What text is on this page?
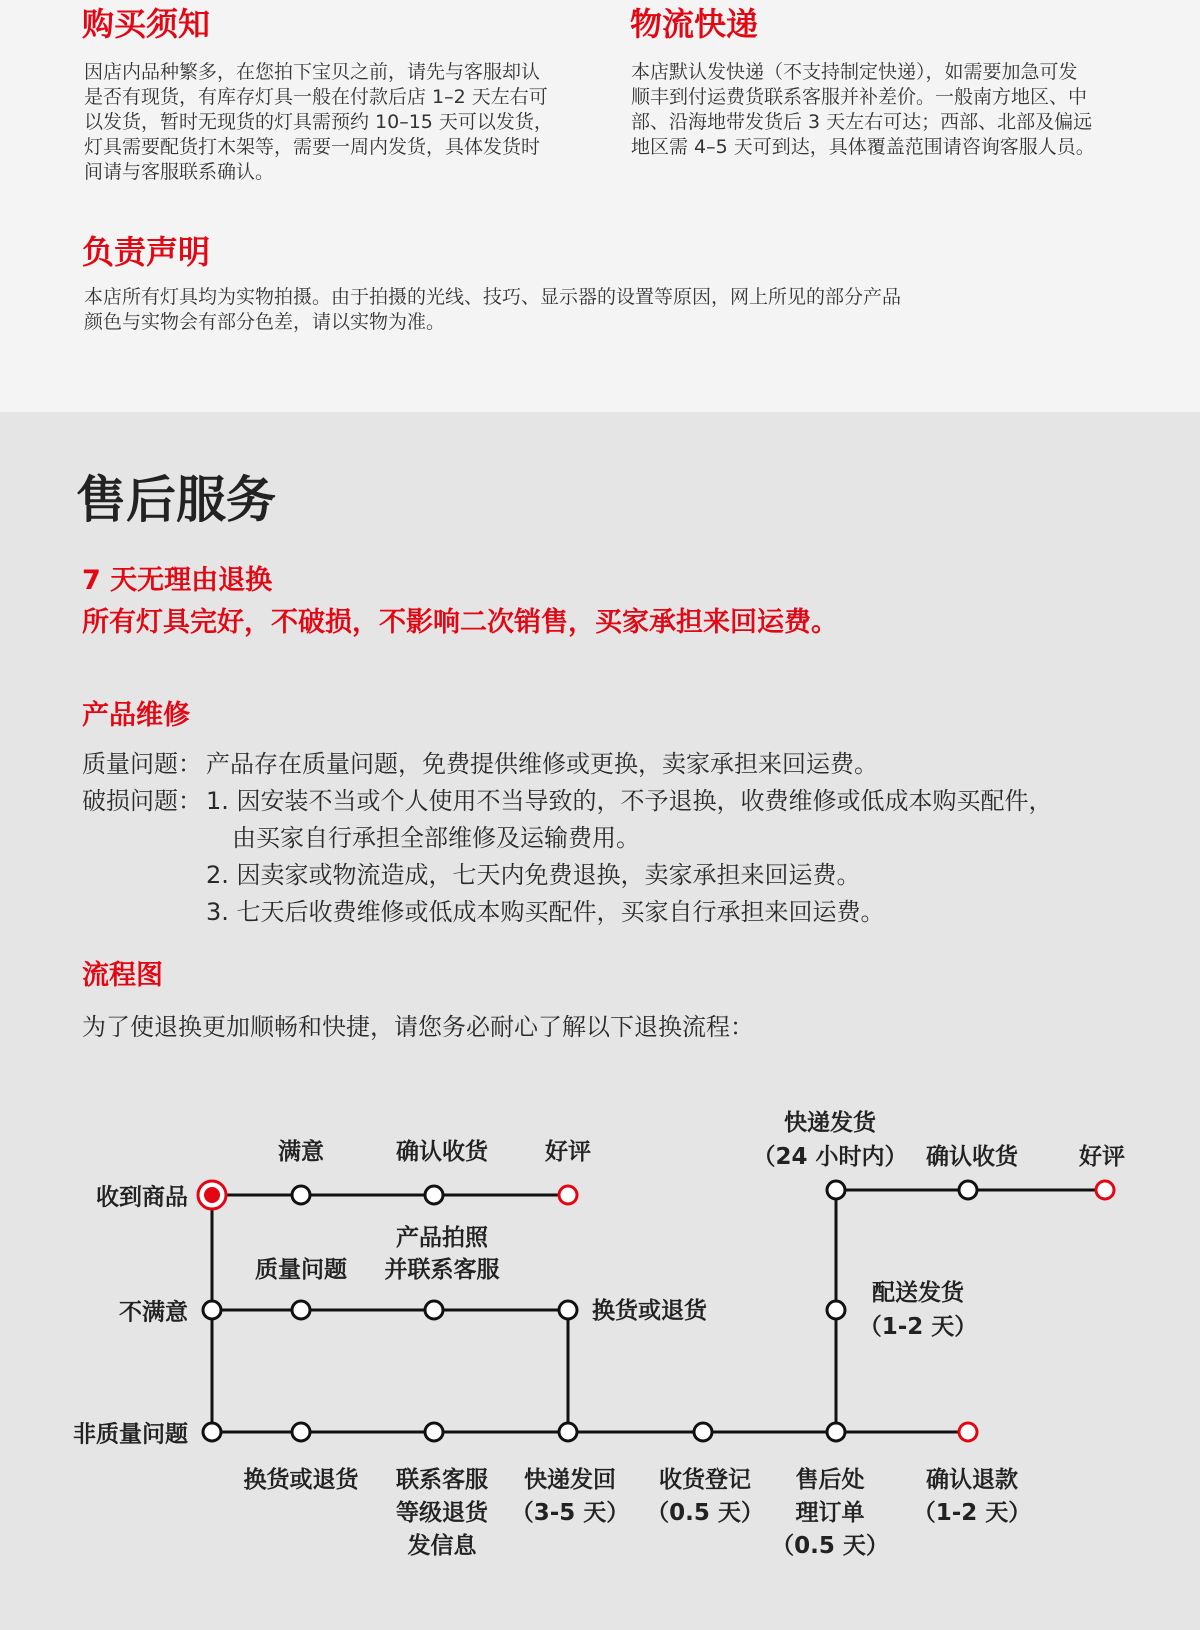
购买须知

因店内品种繁多，在您拍下宝贝之前，请先与客服却认

是否有现货，有库存灯具一般在付款后店 1–2 天左右可

以发货，暂时无现货的灯具需预约 10–15 天可以发货，

灯具需要配货打木架等，需要一周内发货，具体发货时

间请与客服联系确认。

物流快递

本店默认发快递（不支持制定快递），如需要加急可发

顺丰到付运费货联系客服并补差价。一般南方地区、中

部、沿海地带发货后 3 天左右可达；西部、北部及偏远

地区需 4–5 天可到达，具体覆盖范围请咨询客服人员。

负责声明

本店所有灯具均为实物拍摄。由于拍摄的光线、技巧、显示器的设置等原因，网上所见的部分产品

颜色与实物会有部分色差，请以实物为准。

售后服务

7 天无理由退换

所有灯具完好，不破损，不影响二次销售，买家承担来回运费。

产品维修

质量问题： 产品存在质量问题，免费提供维修或更换，卖家承担来回运费。

破损问题： 1. 因安装不当或个人使用不当导致的，不予退换，收费维修或低成本购买配件，

由买家自行承担全部维修及运输费用。

2. 因卖家或物流造成，七天内免费退换，卖家承担来回运费。

3. 七天后收费维修或低成本购买配件，买家自行承担来回运费。

流程图

为了使退换更加顺畅和快捷，请您务必耐心了解以下退换流程：

收到商品
不满意
非质量问题
满意	确认收货 好评
质量问题
产品拍照
并联系客服
换货或退货
换货或退货 联系客服
等级退货
发信息
快递发回
（3-5 天）
收货登记
（0.5 天）
售后处
理订单
（0.5 天）
确认退款
（1-2 天）
快递发货
（24 小时内） 确认收货	好评
配送发货
（1-2 天）
